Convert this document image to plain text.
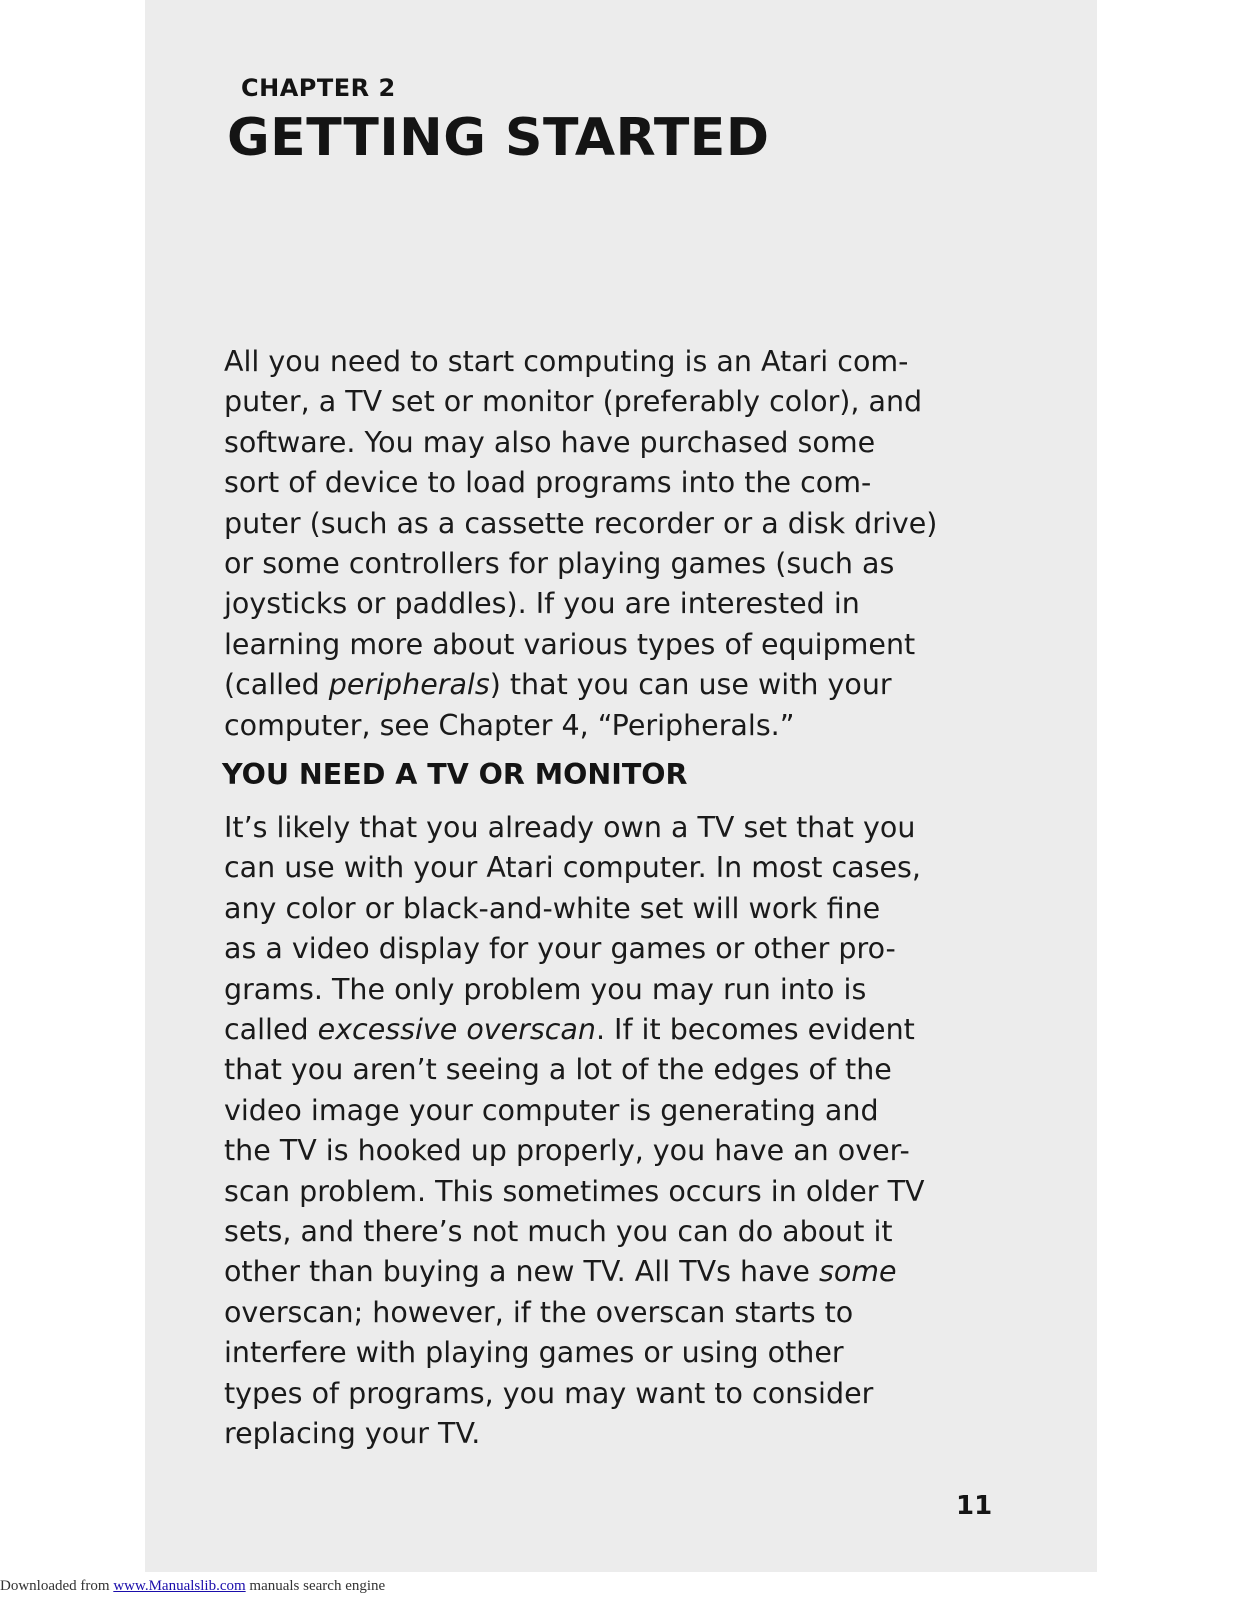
CHAPTER 2
GETTING STARTED

All you need to start computing is an Atari com-
puter, a TV set or monitor (preferably color), and
software. You may also have purchased some
sort of device to load programs into the com-
puter (such as a cassette recorder or a disk drive)
or some controllers for playing games (such as
joysticks or paddles). If you are interested in
learning more about various types of equipment
(called peripherals) that you can use with your
computer, see Chapter 4, “Peripherals.”

YOU NEED A TV OR MONITOR

It’s likely that you already own a TV set that you
can use with your Atari computer. In most cases,
any color or black-and-white set will work fine
as a video display for your games or other pro-
grams. The only problem you may run into is
called excessive overscan. If it becomes evident
that you aren’t seeing a lot of the edges of the
video image your computer is generating and
the TV is hooked up properly, you have an over-
scan problem. This sometimes occurs in older TV
sets, and there’s not much you can do about it
other than buying a new TV. All TVs have some
overscan; however, if the overscan starts to
interfere with playing games or using other
types of programs, you may want to consider
replacing your TV.

11
Downloaded from www.Manualslib.com manuals search engine
